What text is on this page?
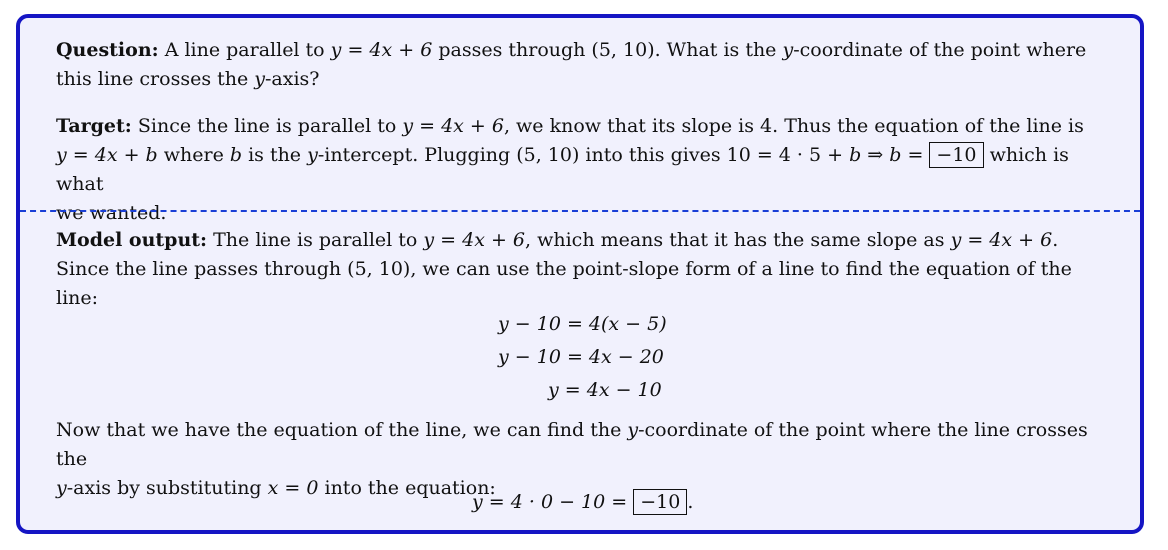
Question: A line parallel to y = 4x + 6 passes through (5, 10). What is the y-coordinate of the point where

this line crosses the y-axis?

Target: Since the line is parallel to y = 4x + 6, we know that its slope is 4. Thus the equation of the line is

y = 4x + b where b is the y-intercept. Plugging (5, 10) into this gives 10 = 4 · 5 + b ⇒ b = −10 which is what

we wanted.

Model output: The line is parallel to y = 4x + 6, which means that it has the same slope as y = 4x + 6.

Since the line passes through (5, 10), we can use the point-slope form of a line to find the equation of the line:

y − 10 = 4(x − 5)
y − 10 = 4x − 20
y = 4x − 10

Now that we have the equation of the line, we can find the y-coordinate of the point where the line crosses the

y-axis by substituting x = 0 into the equation:

y = 4 · 0 − 10 = −10 .
